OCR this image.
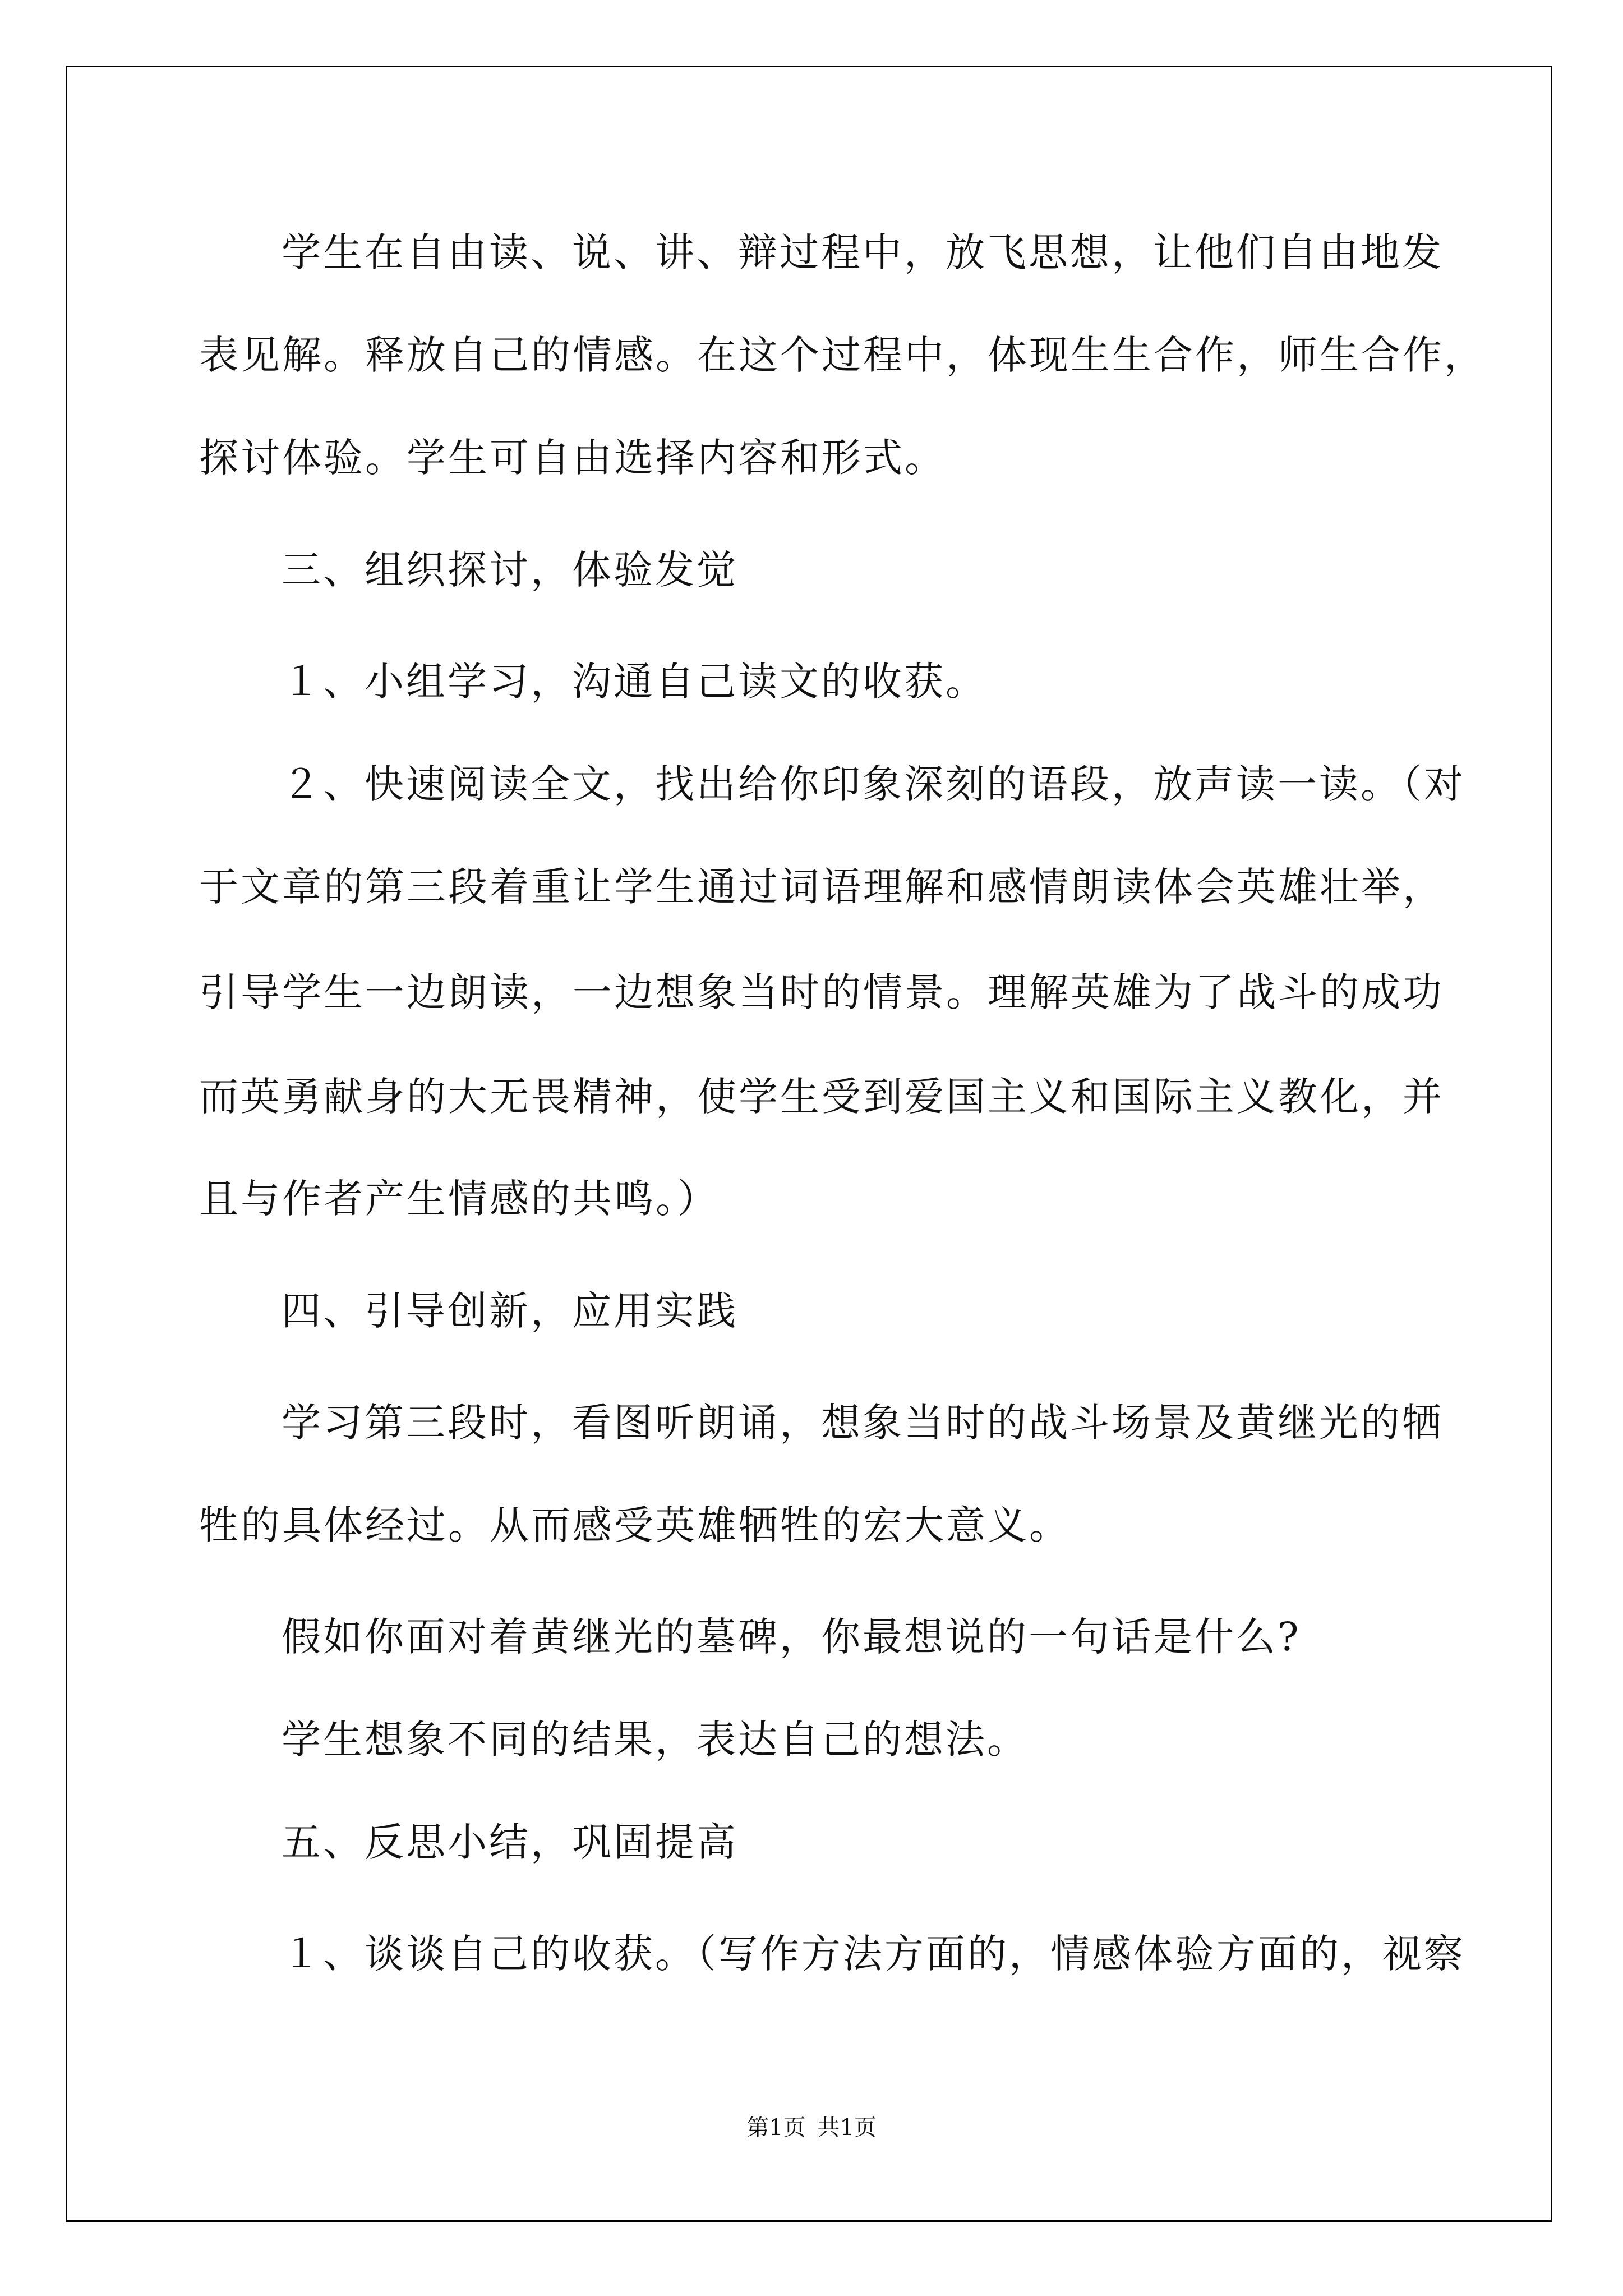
学生在自由读、说、讲、辩过程中，放飞思想，让他们自由地发
表见解。释放自己的情感。在这个过程中，体现生生合作，师生合作，
探讨体验。学生可自由选择内容和形式。
三、组织探讨，体验发觉
１、小组学习，沟通自己读文的收获。
２、快速阅读全文，找出给你印象深刻的语段，放声读一读。（对
于文章的第三段着重让学生通过词语理解和感情朗读体会英雄壮举，
引导学生一边朗读，一边想象当时的情景。理解英雄为了战斗的成功
而英勇献身的大无畏精神，使学生受到爱国主义和国际主义教化，并
且与作者产生情感的共鸣。）
四、引导创新，应用实践
学习第三段时，看图听朗诵，想象当时的战斗场景及黄继光的牺
牲的具体经过。从而感受英雄牺牲的宏大意义。
假如你面对着黄继光的墓碑，你最想说的一句话是什么?
学生想象不同的结果，表达自己的想法。
五、反思小结，巩固提高
１、谈谈自己的收获。（写作方法方面的，情感体验方面的，视察
第1页 共1页
